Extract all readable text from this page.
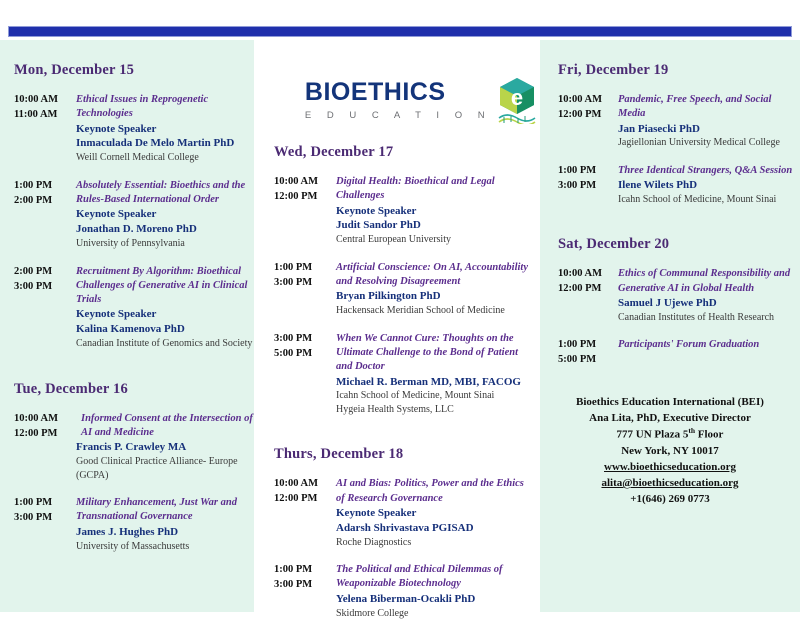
Mon, December 15
10:00 AM
11:00 AM
Ethical Issues in Reprogenetic Technologies
Keynote Speaker
Inmaculada De Melo Martin PhD
Weill Cornell Medical College
1:00 PM
2:00 PM
Absolutely Essential: Bioethics and the Rules-Based International Order
Keynote Speaker
Jonathan D. Moreno PhD
University of Pennsylvania
2:00 PM
3:00 PM
Recruitment By Algorithm: Bioethical Challenges of Generative AI in Clinical Trials
Keynote Speaker
Kalina Kamenova PhD
Canadian Institute of Genomics and Society
Tue, December 16
10:00 AM
12:00 PM
Informed Consent at the Intersection of AI and Medicine
Francis P. Crawley MA
Good Clinical Practice Alliance- Europe (GCPA)
1:00 PM
3:00 PM
Military Enhancement, Just War and Transnational Governance
James J. Hughes PhD
University of Massachusetts
BIOETHICS
E D U C A T I O N
e
Wed, December 17
10:00 AM
12:00 PM
Digital Health: Bioethical and Legal Challenges
Keynote Speaker
Judit Sandor PhD
Central European University
1:00 PM
3:00 PM
Artificial Conscience: On AI, Accountability and Resolving Disagreement
Bryan Pilkington PhD
Hackensack Meridian School of Medicine
3:00 PM
5:00 PM
When We Cannot Cure: Thoughts on the Ultimate Challenge to the Bond of Patient and Doctor
Michael R. Berman MD, MBI, FACOG
Icahn School of Medicine, Mount Sinai
Hygeia Health Systems, LLC
Thurs, December 18
10:00 AM
12:00 PM
AI and Bias: Politics, Power and the Ethics of Research Governance
Keynote Speaker
Adarsh Shrivastava PGISAD
Roche Diagnostics
1:00 PM
3:00 PM
The Political and Ethical Dilemmas of Weaponizable Biotechnology
Yelena Biberman-Ocakli PhD
Skidmore College
Fri, December 19
10:00 AM
12:00 PM
Pandemic, Free Speech, and Social Media
Jan Piasecki PhD
Jagiellonian University Medical College
1:00 PM
3:00 PM
Three Identical Strangers, Q&A Session
Ilene Wilets PhD
Icahn School of Medicine, Mount Sinai
Sat, December 20
10:00 AM
12:00 PM
Ethics of Communal Responsibility and Generative AI in Global Health
Samuel J Ujewe PhD
Canadian Institutes of Health Research
1:00 PM
5:00 PM
Participants' Forum Graduation
Bioethics Education International (BEI)
Ana Lita, PhD, Executive Director
777 UN Plaza 5th Floor
New York, NY 10017
www.bioethicseducation.org
alita@bioethicseducation.org
+1(646) 269 0773
